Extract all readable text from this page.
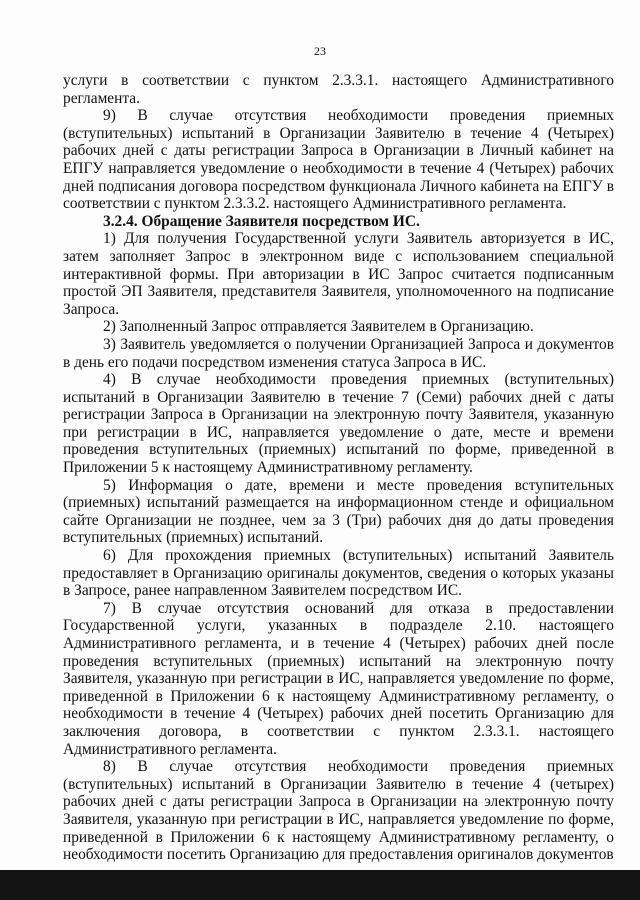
23

услуги в соответствии с пунктом 2.3.3.1. настоящего Административного регламента.

9) В случае отсутствия необходимости проведения приемных (вступительных) испытаний в Организации Заявителю в течение 4 (Четырех) рабочих дней с даты регистрации Запроса в Организации в Личный кабинет на ЕПГУ направляется уведомление о необходимости в течение 4 (Четырех) рабочих дней подписания договора посредством функционала Личного кабинета на ЕПГУ в соответствии с пунктом 2.3.3.2. настоящего Административного регламента.

3.2.4. Обращение Заявителя посредством ИС.

1) Для получения Государственной услуги Заявитель авторизуется в ИС, затем заполняет Запрос в электронном виде с использованием специальной интерактивной формы. При авторизации в ИС Запрос считается подписанным простой ЭП Заявителя, представителя Заявителя, уполномоченного на подписание Запроса.

2) Заполненный Запрос отправляется Заявителем в Организацию.

3) Заявитель уведомляется о получении Организацией Запроса и документов в день его подачи посредством изменения статуса Запроса в ИС.

4) В случае необходимости проведения приемных (вступительных) испытаний в Организации Заявителю в течение 7 (Семи) рабочих дней с даты регистрации Запроса в Организации на электронную почту Заявителя, указанную при регистрации в ИС, направляется уведомление о дате, месте и времени проведения вступительных (приемных) испытаний по форме, приведенной в Приложении 5 к настоящему Административному регламенту.

5) Информация о дате, времени и месте проведения вступительных (приемных) испытаний размещается на информационном стенде и официальном сайте Организации не позднее, чем за 3 (Три) рабочих дня до даты проведения вступительных (приемных) испытаний.

6) Для прохождения приемных (вступительных) испытаний Заявитель предоставляет в Организацию оригиналы документов, сведения о которых указаны в Запросе, ранее направленном Заявителем посредством ИС.

7) В случае отсутствия оснований для отказа в предоставлении Государственной услуги, указанных в подразделе 2.10. настоящего Административного регламента, и в течение 4 (Четырех) рабочих дней после проведения вступительных (приемных) испытаний на электронную почту Заявителя, указанную при регистрации в ИС, направляется уведомление по форме, приведенной в Приложении 6 к настоящему Административному регламенту, о необходимости в течение 4 (Четырех) рабочих дней посетить Организацию для заключения договора, в соответствии с пунктом 2.3.3.1. настоящего Административного регламента.

8) В случае отсутствия необходимости проведения приемных (вступительных) испытаний в Организации Заявителю в течение 4 (четырех) рабочих дней с даты регистрации Запроса в Организации на электронную почту Заявителя, указанную при регистрации в ИС, направляется уведомление по форме, приведенной в Приложении 6 к настоящему Административному регламенту, о необходимости посетить Организацию для предоставления оригиналов документов
